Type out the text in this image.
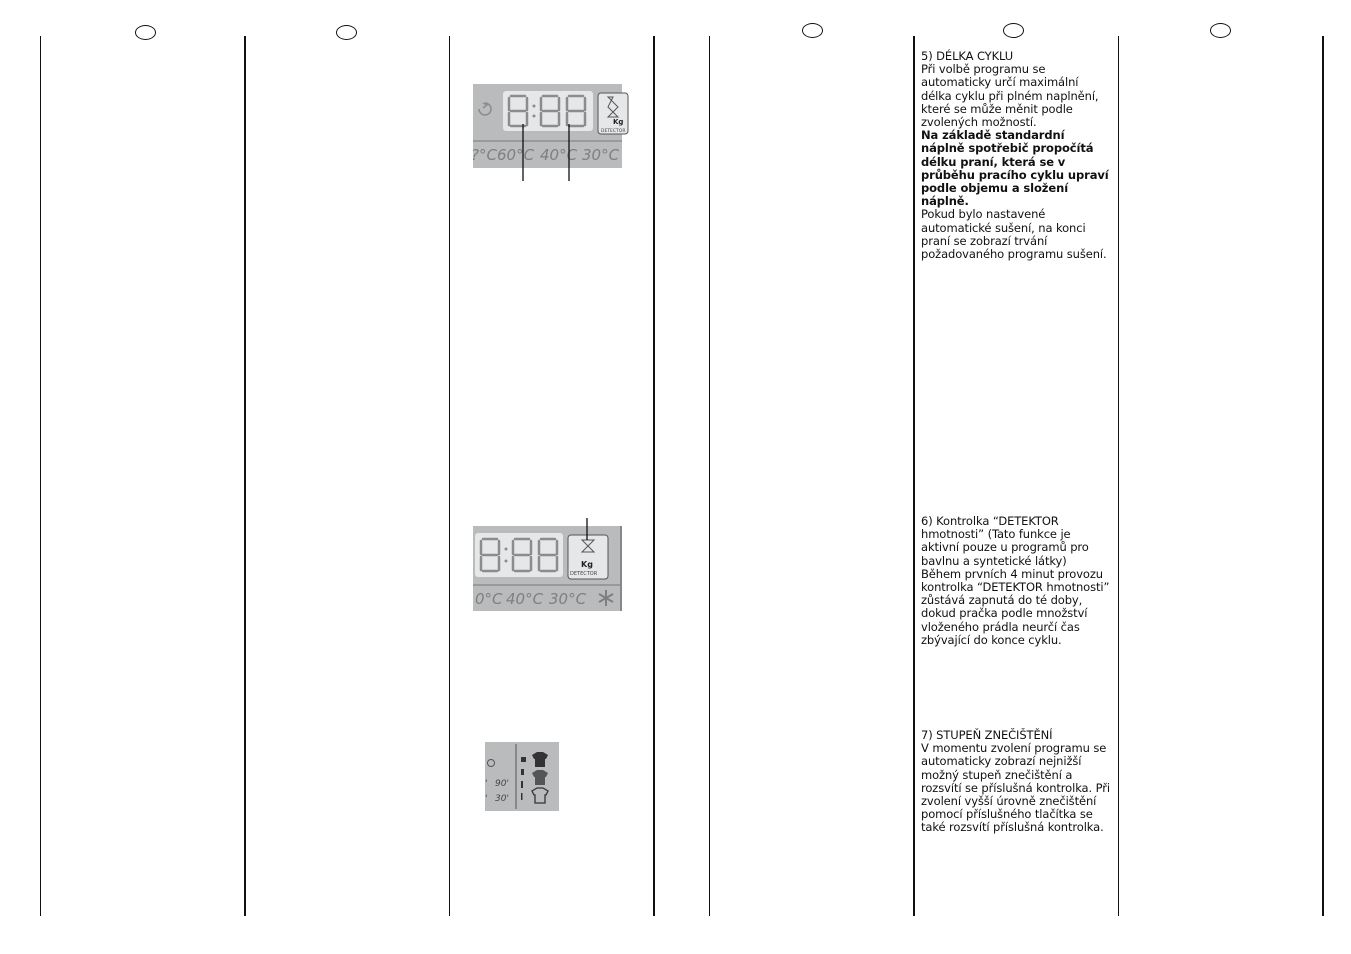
Kg
DETECTOR
?°C 60°C 40°C 30°C
Kg
DETECTOR
0°C 40°C 30°C
' 90'
' 30'

5) DÉLKA CYKLU

Při volbě programu se automaticky určí maximální délka cyklu při plném naplnění, které se může měnit podle zvolených možností.

Na základě standardní náplně spotřebič propočítá délku praní, která se v průběhu pracího cyklu upraví podle objemu a složení náplně.

Pokud bylo nastavené automatické sušení, na konci praní se zobrazí trvání požadovaného programu sušení.

6) Kontrolka “DETEKTOR hmotnosti” (Tato funkce je aktivní pouze u programů pro bavlnu a syntetické látky)

Během prvních 4 minut provozu kontrolka “DETEKTOR hmotnosti” zůstává zapnutá do té doby, dokud pračka podle množství vloženého prádla neurčí čas zbývající do konce cyklu.

7) STUPEŇ ZNEČIŠTĚNÍ

V momentu zvolení programu se automaticky zobrazí nejnižší možný stupeň znečištění a rozsvítí se příslušná kontrolka. Při zvolení vyšší úrovně znečištění pomocí příslušného tlačítka se také rozsvítí příslušná kontrolka.
